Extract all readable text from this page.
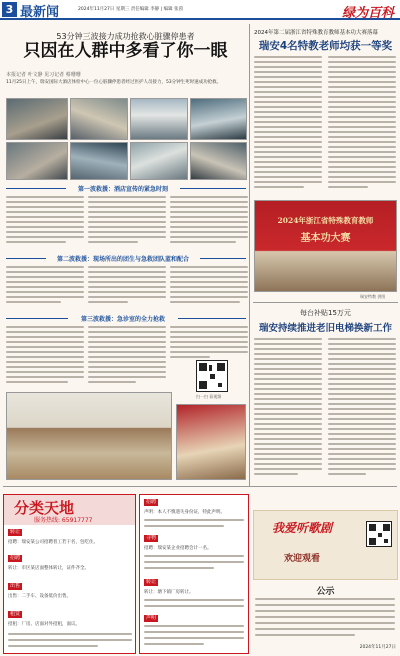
3 最新闻	2024年11月27日 星期三 责任编辑 李静 | 编辑 张茵	绿为百科
53分钟三波接力成功抢救心脏骤停患者
只因在人群中多看了你一眼
本报记者 叶文静 见习记者 蔡珊珊
11月25日上午，瑞安国际大酒店体检中心一位心脏骤停患者经过医护人员接力，53分钟生死时速成功抢救。
第一波救援：酒店宣传的紧急时刻
第二波救援：现场所出的团生与急救团队蓝和配合
第三波救援：急诊室的全力抢救
扫一扫 看视频
2024年第二届浙江省特殊教育教师基本功大赛落幕
瑞安4名特教老师均获一等奖
2024年浙江省特殊教育教师
基本功大赛
瑞安特教 供图
每台补贴15万元
瑞安持续推进老旧电梯换新工作
分类天地
服务热线: 65917777
转让
招聘：瑞安某公司招聘普工若干名，包吃住。
招聘
转让：市区某店面整体转让，证件齐全。
出售
出售：二手车、设备低价出售。
租赁
招租：厂房、店面对外招租，面议。
招聘
声明：本人不慎遗失身份证，特此声明。
寻物
招聘：瑞安某企业招聘会计一名。
转让
转让：塘下镇厂房转让。
声明
我爱听歌剧
欢迎观看
公示
2024年11月27日
